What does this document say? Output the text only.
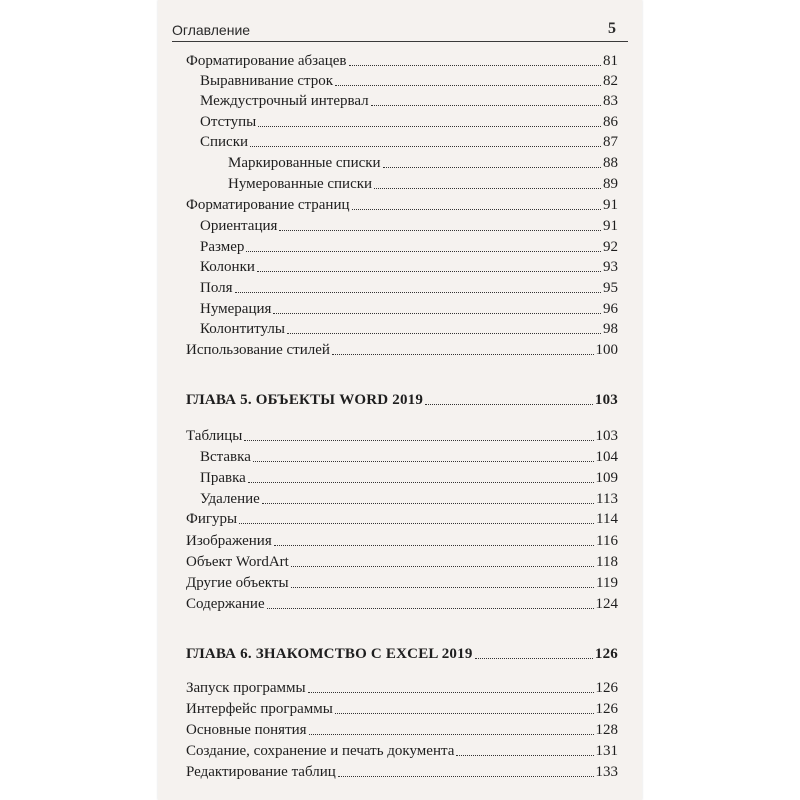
Оглавление	5
Форматирование абзацев	81
Выравнивание строк	82
Междустрочный интервал	83
Отступы	86
Списки	87
Маркированные списки	88
Нумерованные списки	89
Форматирование страниц	91
Ориентация	91
Размер	92
Колонки	93
Поля	95
Нумерация	96
Колонтитулы	98
Использование стилей	100
ГЛАВА 5. ОБЪЕКТЫ WORD 2019	103
Таблицы	103
Вставка	104
Правка	109
Удаление	113
Фигуры	114
Изображения	116
Объект WordArt	118
Другие объекты	119
Содержание	124
ГЛАВА 6. ЗНАКОМСТВО С EXCEL 2019	126
Запуск программы	126
Интерфейс программы	126
Основные понятия	128
Создание, сохранение и печать документа	131
Редактирование таблиц	133
